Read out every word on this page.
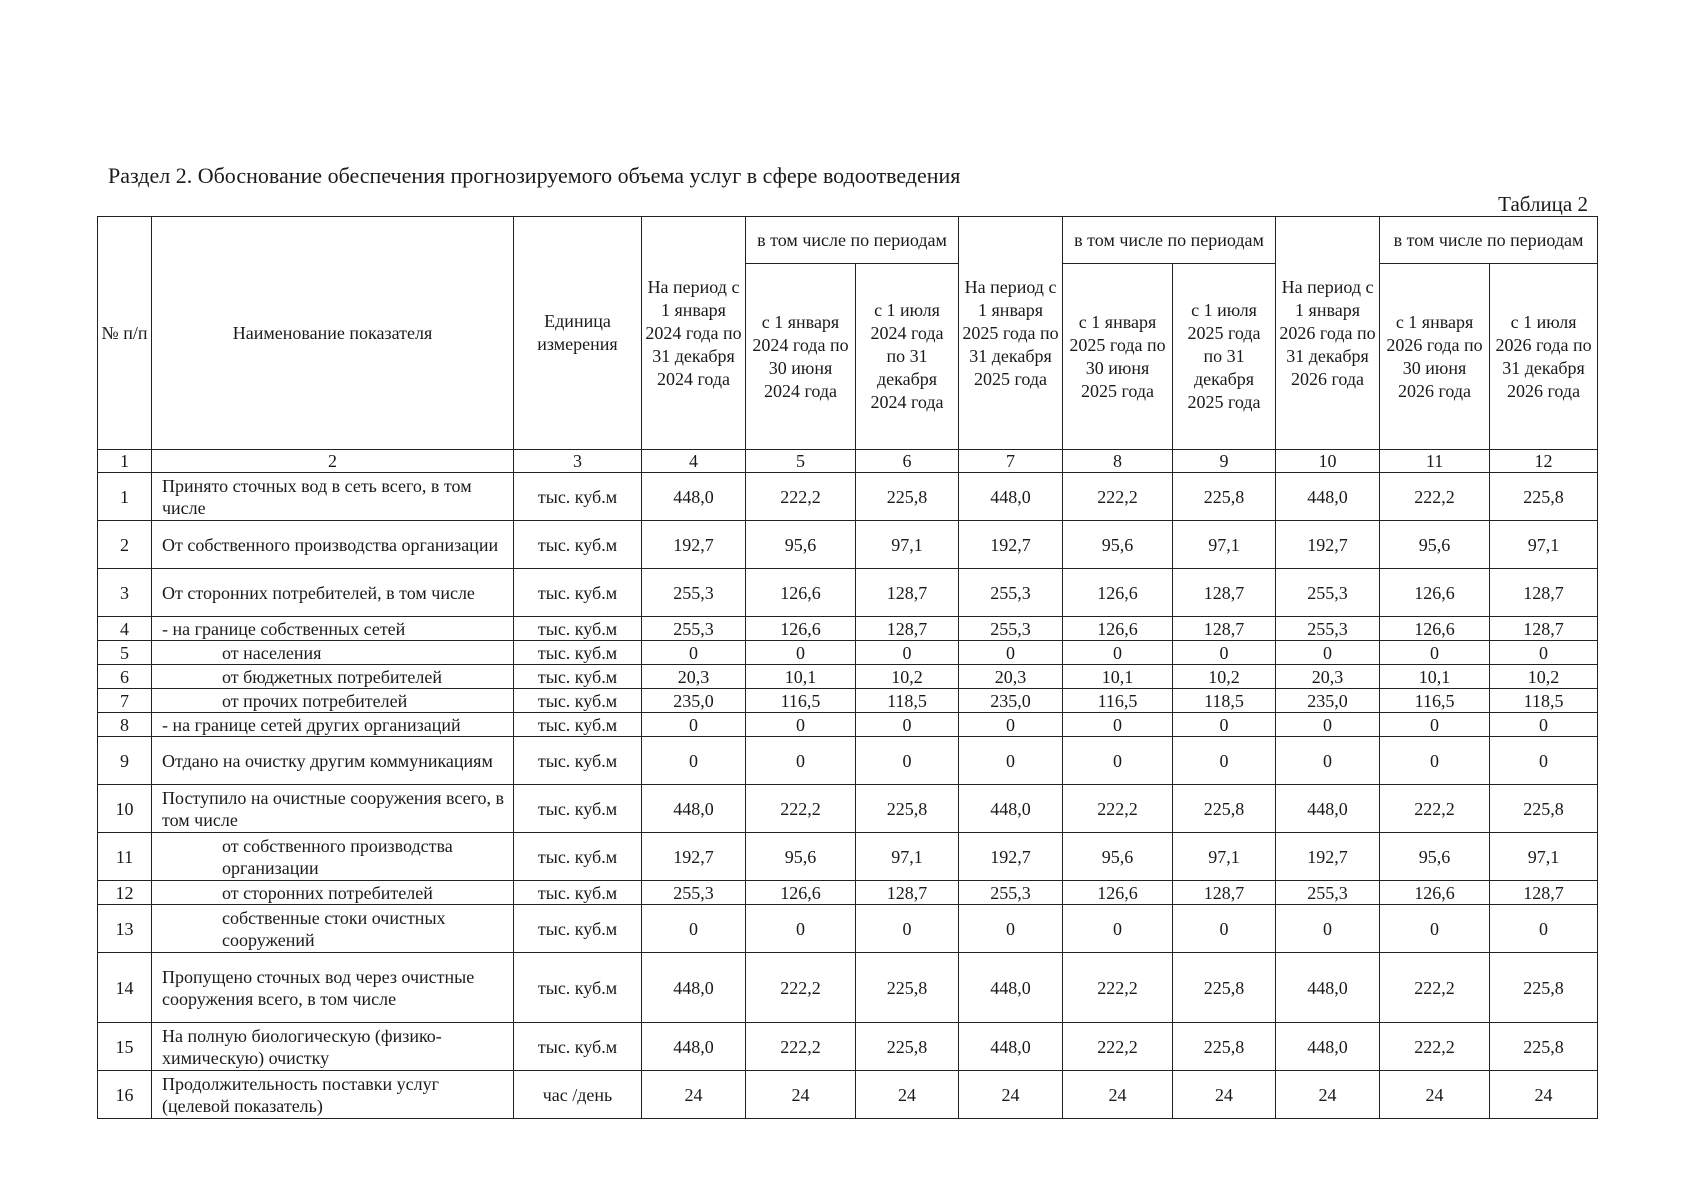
Раздел 2. Обоснование обеспечения прогнозируемого объема услуг в сфере водоотведения
Таблица 2
№ п/п	Наименование показателя	Единица измерения	На период с 1 января 2024 года по 31 декабря 2024 года	в том числе по периодам		На период с 1 января 2025 года по 31 декабря 2025 года	в том числе по периодам		На период с 1 января 2026 года по 31 декабря 2026 года	в том числе по периодам	
				с 1 января 2024 года по 30 июня 2024 года	с 1 июля 2024 года по 31 декабря 2024 года		с 1 января 2025 года по 30 июня 2025 года	с 1 июля 2025 года по 31 декабря 2025 года		с 1 января 2026 года по 30 июня 2026 года	с 1 июля 2026 года по 31 декабря 2026 года
1	2	3	4	5	6	7	8	9	10	11	12
1	Принято сточных вод в сеть всего, в том числе	тыс. куб.м	448,0	222,2	225,8	448,0	222,2	225,8	448,0	222,2	225,8
2	От собственного производства организации	тыс. куб.м	192,7	95,6	97,1	192,7	95,6	97,1	192,7	95,6	97,1
3	От сторонних потребителей, в том числе	тыс. куб.м	255,3	126,6	128,7	255,3	126,6	128,7	255,3	126,6	128,7
4	- на границе собственных сетей	тыс. куб.м	255,3	126,6	128,7	255,3	126,6	128,7	255,3	126,6	128,7
5	от населения	тыс. куб.м	0	0	0	0	0	0	0	0	0
6	от бюджетных потребителей	тыс. куб.м	20,3	10,1	10,2	20,3	10,1	10,2	20,3	10,1	10,2
7	от прочих потребителей	тыс. куб.м	235,0	116,5	118,5	235,0	116,5	118,5	235,0	116,5	118,5
8	- на границе сетей других организаций	тыс. куб.м	0	0	0	0	0	0	0	0	0
9	Отдано на очистку другим коммуникациям	тыс. куб.м	0	0	0	0	0	0	0	0	0
10	Поступило на очистные сооружения всего, в том числе	тыс. куб.м	448,0	222,2	225,8	448,0	222,2	225,8	448,0	222,2	225,8
11	от собственного производства организации	тыс. куб.м	192,7	95,6	97,1	192,7	95,6	97,1	192,7	95,6	97,1
12	от сторонних потребителей	тыс. куб.м	255,3	126,6	128,7	255,3	126,6	128,7	255,3	126,6	128,7
13	собственные стоки очистных сооружений	тыс. куб.м	0	0	0	0	0	0	0	0	0
14	Пропущено сточных вод через очистные сооружения всего, в том числе	тыс. куб.м	448,0	222,2	225,8	448,0	222,2	225,8	448,0	222,2	225,8
15	На полную биологическую (физико-химическую) очистку	тыс. куб.м	448,0	222,2	225,8	448,0	222,2	225,8	448,0	222,2	225,8
16	Продолжительность поставки услуг (целевой показатель)	час /день	24	24	24	24	24	24	24	24	24
